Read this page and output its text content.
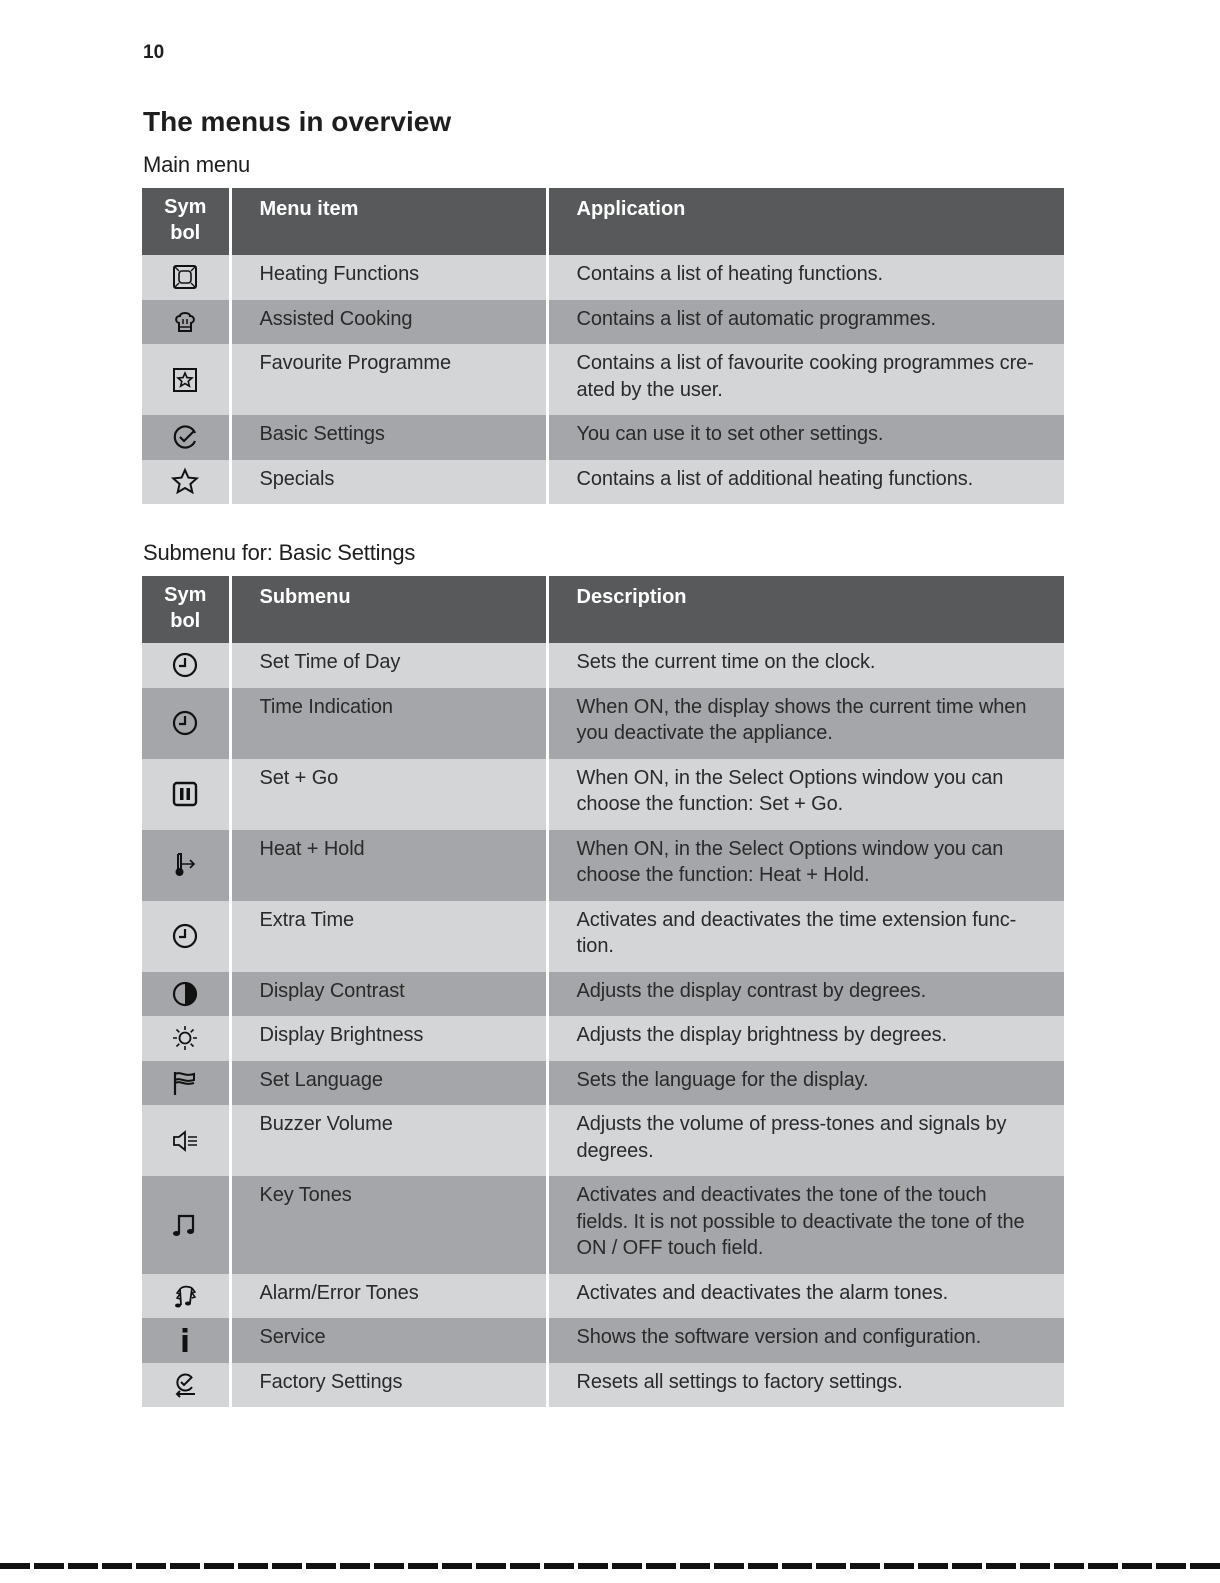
10
The menus in overview
Main menu
Sym
bol	Menu item	Application

	Heating Functions	Contains a list of heating functions.

	Assisted Cooking	Contains a list of automatic programmes.

	Favourite Programme	Contains a list of favourite cooking programmes cre-
ated by the user.

	Basic Settings	You can use it to set other settings.

	Specials	Contains a list of additional heating functions.
Submenu for: Basic Settings
Sym
bol	Submenu	Description

	Set Time of Day	Sets the current time on the clock.

	Time Indication	When ON, the display shows the current time when
you deactivate the appliance.

	Set + Go	When ON, in the Select Options window you can
choose the function: Set + Go.

	Heat + Hold	When ON, in the Select Options window you can
choose the function: Heat + Hold.

	Extra Time	Activates and deactivates the time extension func-
tion.

	Display Contrast	Adjusts the display contrast by degrees.

	Display Brightness	Adjusts the display brightness by degrees.

	Set Language	Sets the language for the display.

	Buzzer Volume	Adjusts the volume of press-tones and signals by
degrees.

	Key Tones	Activates and deactivates the tone of the touch
fields. It is not possible to deactivate the tone of the
ON / OFF touch field.

	Alarm/Error Tones	Activates and deactivates the alarm tones.

	Service	Shows the software version and configuration.

	Factory Settings	Resets all settings to factory settings.
